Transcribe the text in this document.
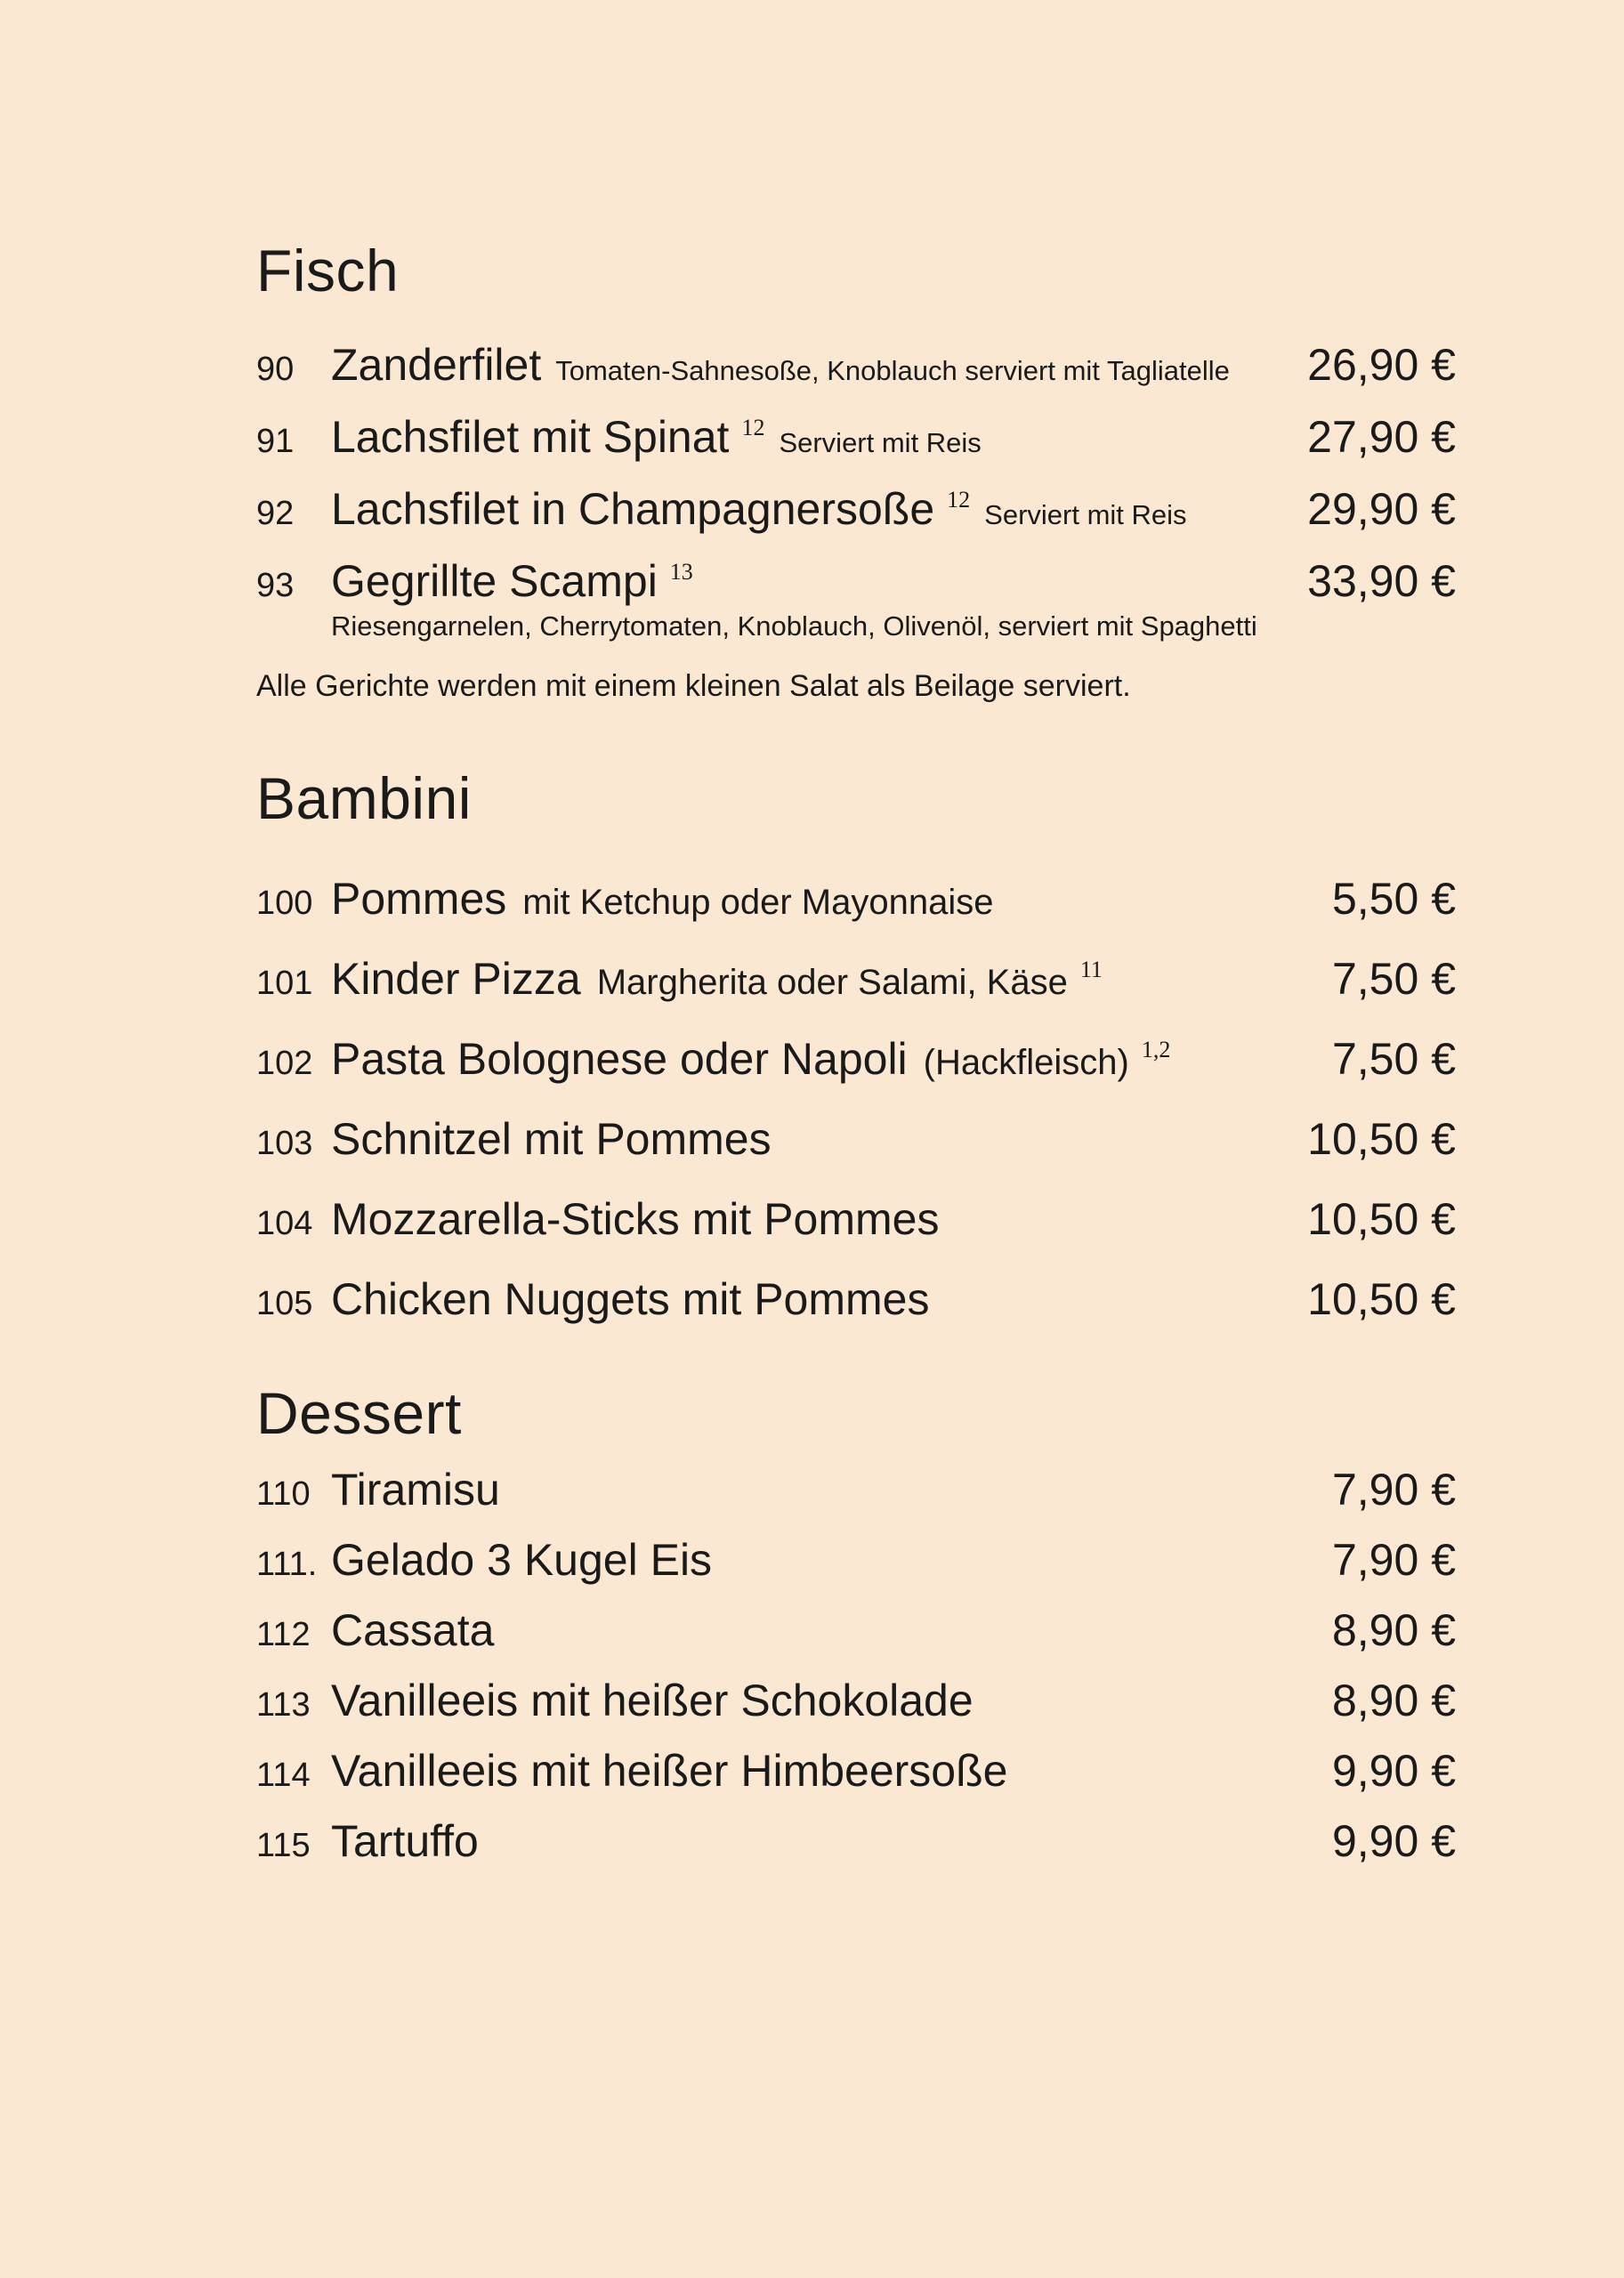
Fisch
90 Zanderfilet Tomaten-Sahnesoße, Knoblauch serviert mit Tagliatelle	26,90 €
91 Lachsfilet mit Spinat 12 Serviert mit Reis	27,90 €
92 Lachsfilet in Champagnersoße 12 Serviert mit Reis	29,90 €
93 Gegrillte Scampi 13	33,90 €
Riesengarnelen, Cherrytomaten, Knoblauch, Olivenöl, serviert mit Spaghetti
Alle Gerichte werden mit einem kleinen Salat als Beilage serviert.
Bambini
100 Pommes mit Ketchup oder Mayonnaise	5,50 €
101 Kinder Pizza Margherita oder Salami, Käse 11	7,50 €
102 Pasta Bolognese oder Napoli (Hackfleisch) 1,2	7,50 €
103 Schnitzel mit Pommes	10,50 €
104 Mozzarella-Sticks mit Pommes	10,50 €
105 Chicken Nuggets mit Pommes	10,50 €
Dessert
110 Tiramisu	7,90 €
111. Gelado 3 Kugel Eis	7,90 €
112 Cassata	8,90 €
113 Vanilleeis mit heißer Schokolade	8,90 €
114 Vanilleeis mit heißer Himbeersoße	9,90 €
115 Tartuffo	9,90 €
